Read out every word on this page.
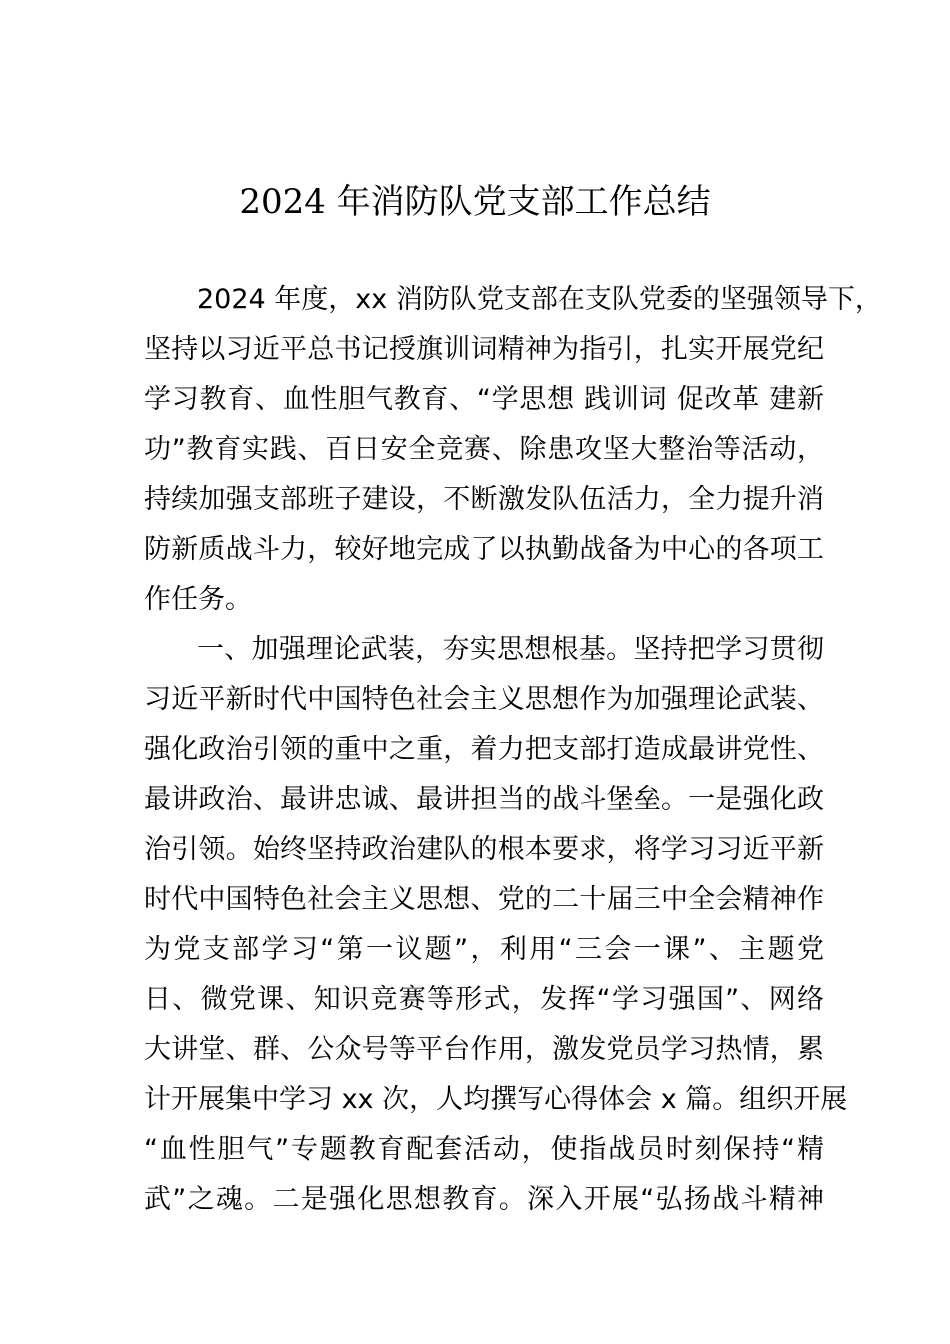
2024 年消防队党支部工作总结
2024 年度，xx 消防队党支部在支队党委的坚强领导下，
坚持以习近平总书记授旗训词精神为指引，扎实开展党纪
学习教育、血性胆气教育、“学思想 践训词 促改革 建新
功”教育实践、百日安全竞赛、除患攻坚大整治等活动，
持续加强支部班子建设，不断激发队伍活力，全力提升消
防新质战斗力，较好地完成了以执勤战备为中心的各项工
作任务。
一、加强理论武装，夯实思想根基。坚持把学习贯彻
习近平新时代中国特色社会主义思想作为加强理论武装、
强化政治引领的重中之重，着力把支部打造成最讲党性、
最讲政治、最讲忠诚、最讲担当的战斗堡垒。一是强化政
治引领。始终坚持政治建队的根本要求，将学习习近平新
时代中国特色社会主义思想、党的二十届三中全会精神作
为党支部学习“第一议题”，利用“三会一课”、主题党
日、微党课、知识竞赛等形式，发挥“学习强国”、网络
大讲堂、群、公众号等平台作用，激发党员学习热情，累
计开展集中学习 xx 次，人均撰写心得体会 x 篇。组织开展
“血性胆气”专题教育配套活动，使指战员时刻保持“精
武”之魂。二是强化思想教育。深入开展“弘扬战斗精神
